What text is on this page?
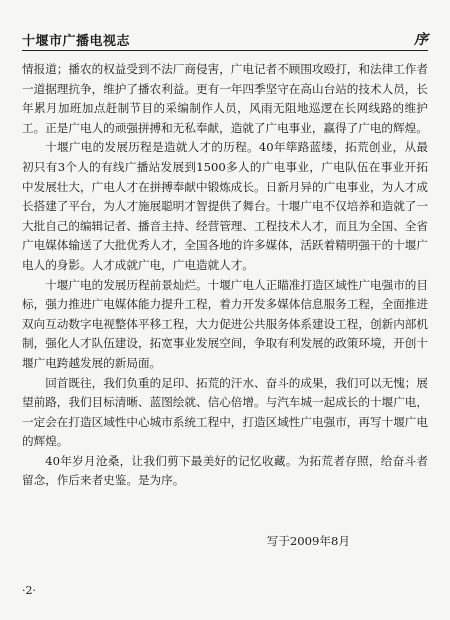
十堰市广播电视志	序

情报道；播农的权益受到不法厂商侵害，广电记者不顾围攻殴打，和法律工作者一道据理抗争，维护了播农利益。更有一年四季坚守在高山台站的技术人员，长年累月加班加点赶制节目的采编制作人员，风雨无阻地巡逻在长网线路的维护工。正是广电人的顽强拼搏和无私奉献，造就了广电事业，赢得了广电的辉煌。

十堰广电的发展历程是造就人才的历程。40年筚路蓝缕，拓荒创业，从最初只有3个人的有线广播站发展到1500多人的广电事业，广电队伍在事业开拓中发展壮大，广电人才在拼搏奉献中锻炼成长。日新月异的广电事业，为人才成长搭建了平台，为人才施展聪明才智提供了舞台。十堰广电不仅培养和造就了一大批自己的编辑记者、播音主持、经营管理、工程技术人才，而且为全国、全省广电媒体输送了大批优秀人才，全国各地的许多媒体，活跃着精明强干的十堰广电人的身影。人才成就广电，广电造就人才。

十堰广电的发展历程前景灿烂。十堰广电人正瞄准打造区域性广电强市的目标，强力推进广电媒体能力提升工程，着力开发多媒体信息服务工程，全面推进双向互动数字电视整体平移工程，大力促进公共服务体系建设工程，创新内部机制，强化人才队伍建设，拓宽事业发展空间，争取有利发展的政策环境，开创十堰广电跨越发展的新局面。

回首既往，我们负重的足印、拓荒的汗水、奋斗的成果，我们可以无愧；展望前路，我们目标清晰、蓝图绘就、信心倍增。与汽车城一起成长的十堰广电，一定会在打造区域性中心城市系统工程中，打造区域性广电强市，再写十堰广电的辉煌。

40年岁月沧桑，让我们剪下最美好的记忆收藏。为拓荒者存照，给奋斗者留念，作后来者史鉴。是为序。

写于2009年8月
·2·
